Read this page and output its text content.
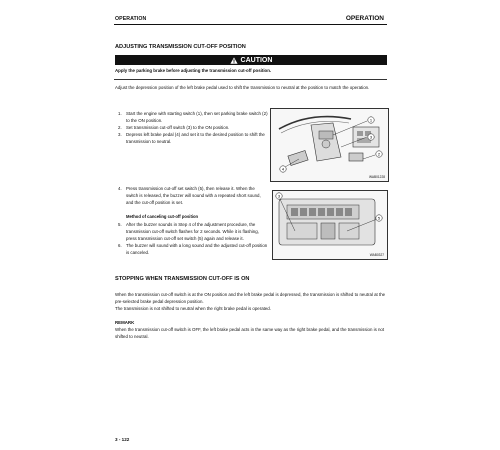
OPERATION	OPERATION
ADJUSTING TRANSMISSION CUT-OFF POSITION
CAUTION
Apply the parking brake before adjusting the transmission cut-off position.
Adjust the depression position of the left brake pedal used to shift the transmission to neutral at the position to match the operation.
1. Start the engine with starting switch (1), then set parking brake switch (2) to the ON position.
2. Set transmission cut-off switch (3) to the ON position.
3. Depress left brake pedal (4) and set it to the desired position to shift the transmission to neutral.
1
3
4
2
WAB01228
4. Press transmission cut-off set switch (5), then release it. When the switch is released, the buzzer will sound with a repeated short sound, and the cut-off position is set.
Method of canceling cut-off position
5. After the buzzer sounds in Step 4 of the adjustment procedure, the transmission cut-off switch flashes for 2 seconds. While it is flashing, press transmission cut-off set switch (5) again and release it.
6. The buzzer will sound with a long sound and the adjusted cut-off position is canceled.
3
5
WAB0327
STOPPING WHEN TRANSMISSION CUT-OFF IS ON
When the transmission cut-off switch is at the ON position and the left brake pedal is depressed, the transmission is shifted to neutral at the pre-selected brake pedal depression position.
The transmission is not shifted to neutral when the right brake pedal is operated.
REMARK
When the transmission cut-off switch is OFF, the left brake pedal acts in the same way as the right brake pedal, and the transmission is not shifted to neutral.
3 - 122
